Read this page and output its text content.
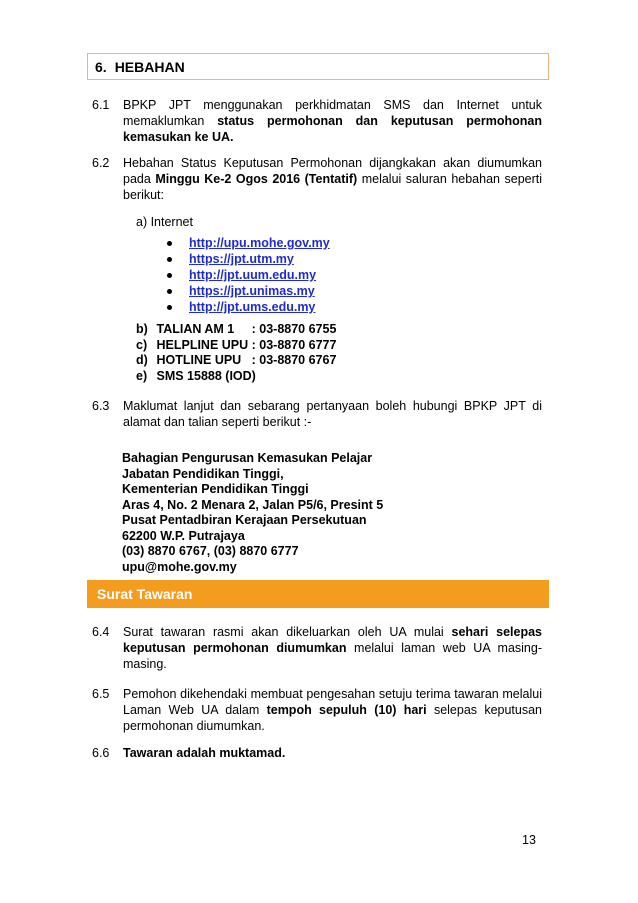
6. HEBAHAN
6.1	BPKP JPT menggunakan perkhidmatan SMS dan Internet untuk memaklumkan status permohonan dan keputusan permohonan kemasukan ke UA.
6.2	Hebahan Status Keputusan Permohonan dijangkakan akan diumumkan pada Minggu Ke-2 Ogos 2016 (Tentatif) melalui saluran hebahan seperti berikut:
a) Internet
http://upu.mohe.gov.my
https://jpt.utm.my
http://jpt.uum.edu.my
https://jpt.unimas.my
http://jpt.ums.edu.my
b)
TALIAN AM 1     : 03-8870 6755
c)
HELPLINE UPU : 03-8870 6777
d)
HOTLINE UPU   : 03-8870 6767
e)
SMS 15888 (IOD)
6.3	Maklumat lanjut dan sebarang pertanyaan boleh hubungi BPKP JPT di alamat dan talian seperti berikut :-
Bahagian Pengurusan Kemasukan Pelajar
Jabatan Pendidikan Tinggi,
Kementerian Pendidikan Tinggi
Aras 4, No. 2 Menara 2, Jalan P5/6, Presint 5
Pusat Pentadbiran Kerajaan Persekutuan
62200 W.P. Putrajaya
(03) 8870 6767, (03) 8870 6777
upu@mohe.gov.my
Surat Tawaran
6.4	Surat tawaran rasmi akan dikeluarkan oleh UA mulai sehari selepas keputusan permohonan diumumkan melalui laman web UA masing-masing.
6.5	Pemohon dikehendaki membuat pengesahan setuju terima tawaran melalui Laman Web UA dalam tempoh sepuluh (10) hari selepas keputusan permohonan diumumkan.
6.6	Tawaran adalah muktamad.
13
